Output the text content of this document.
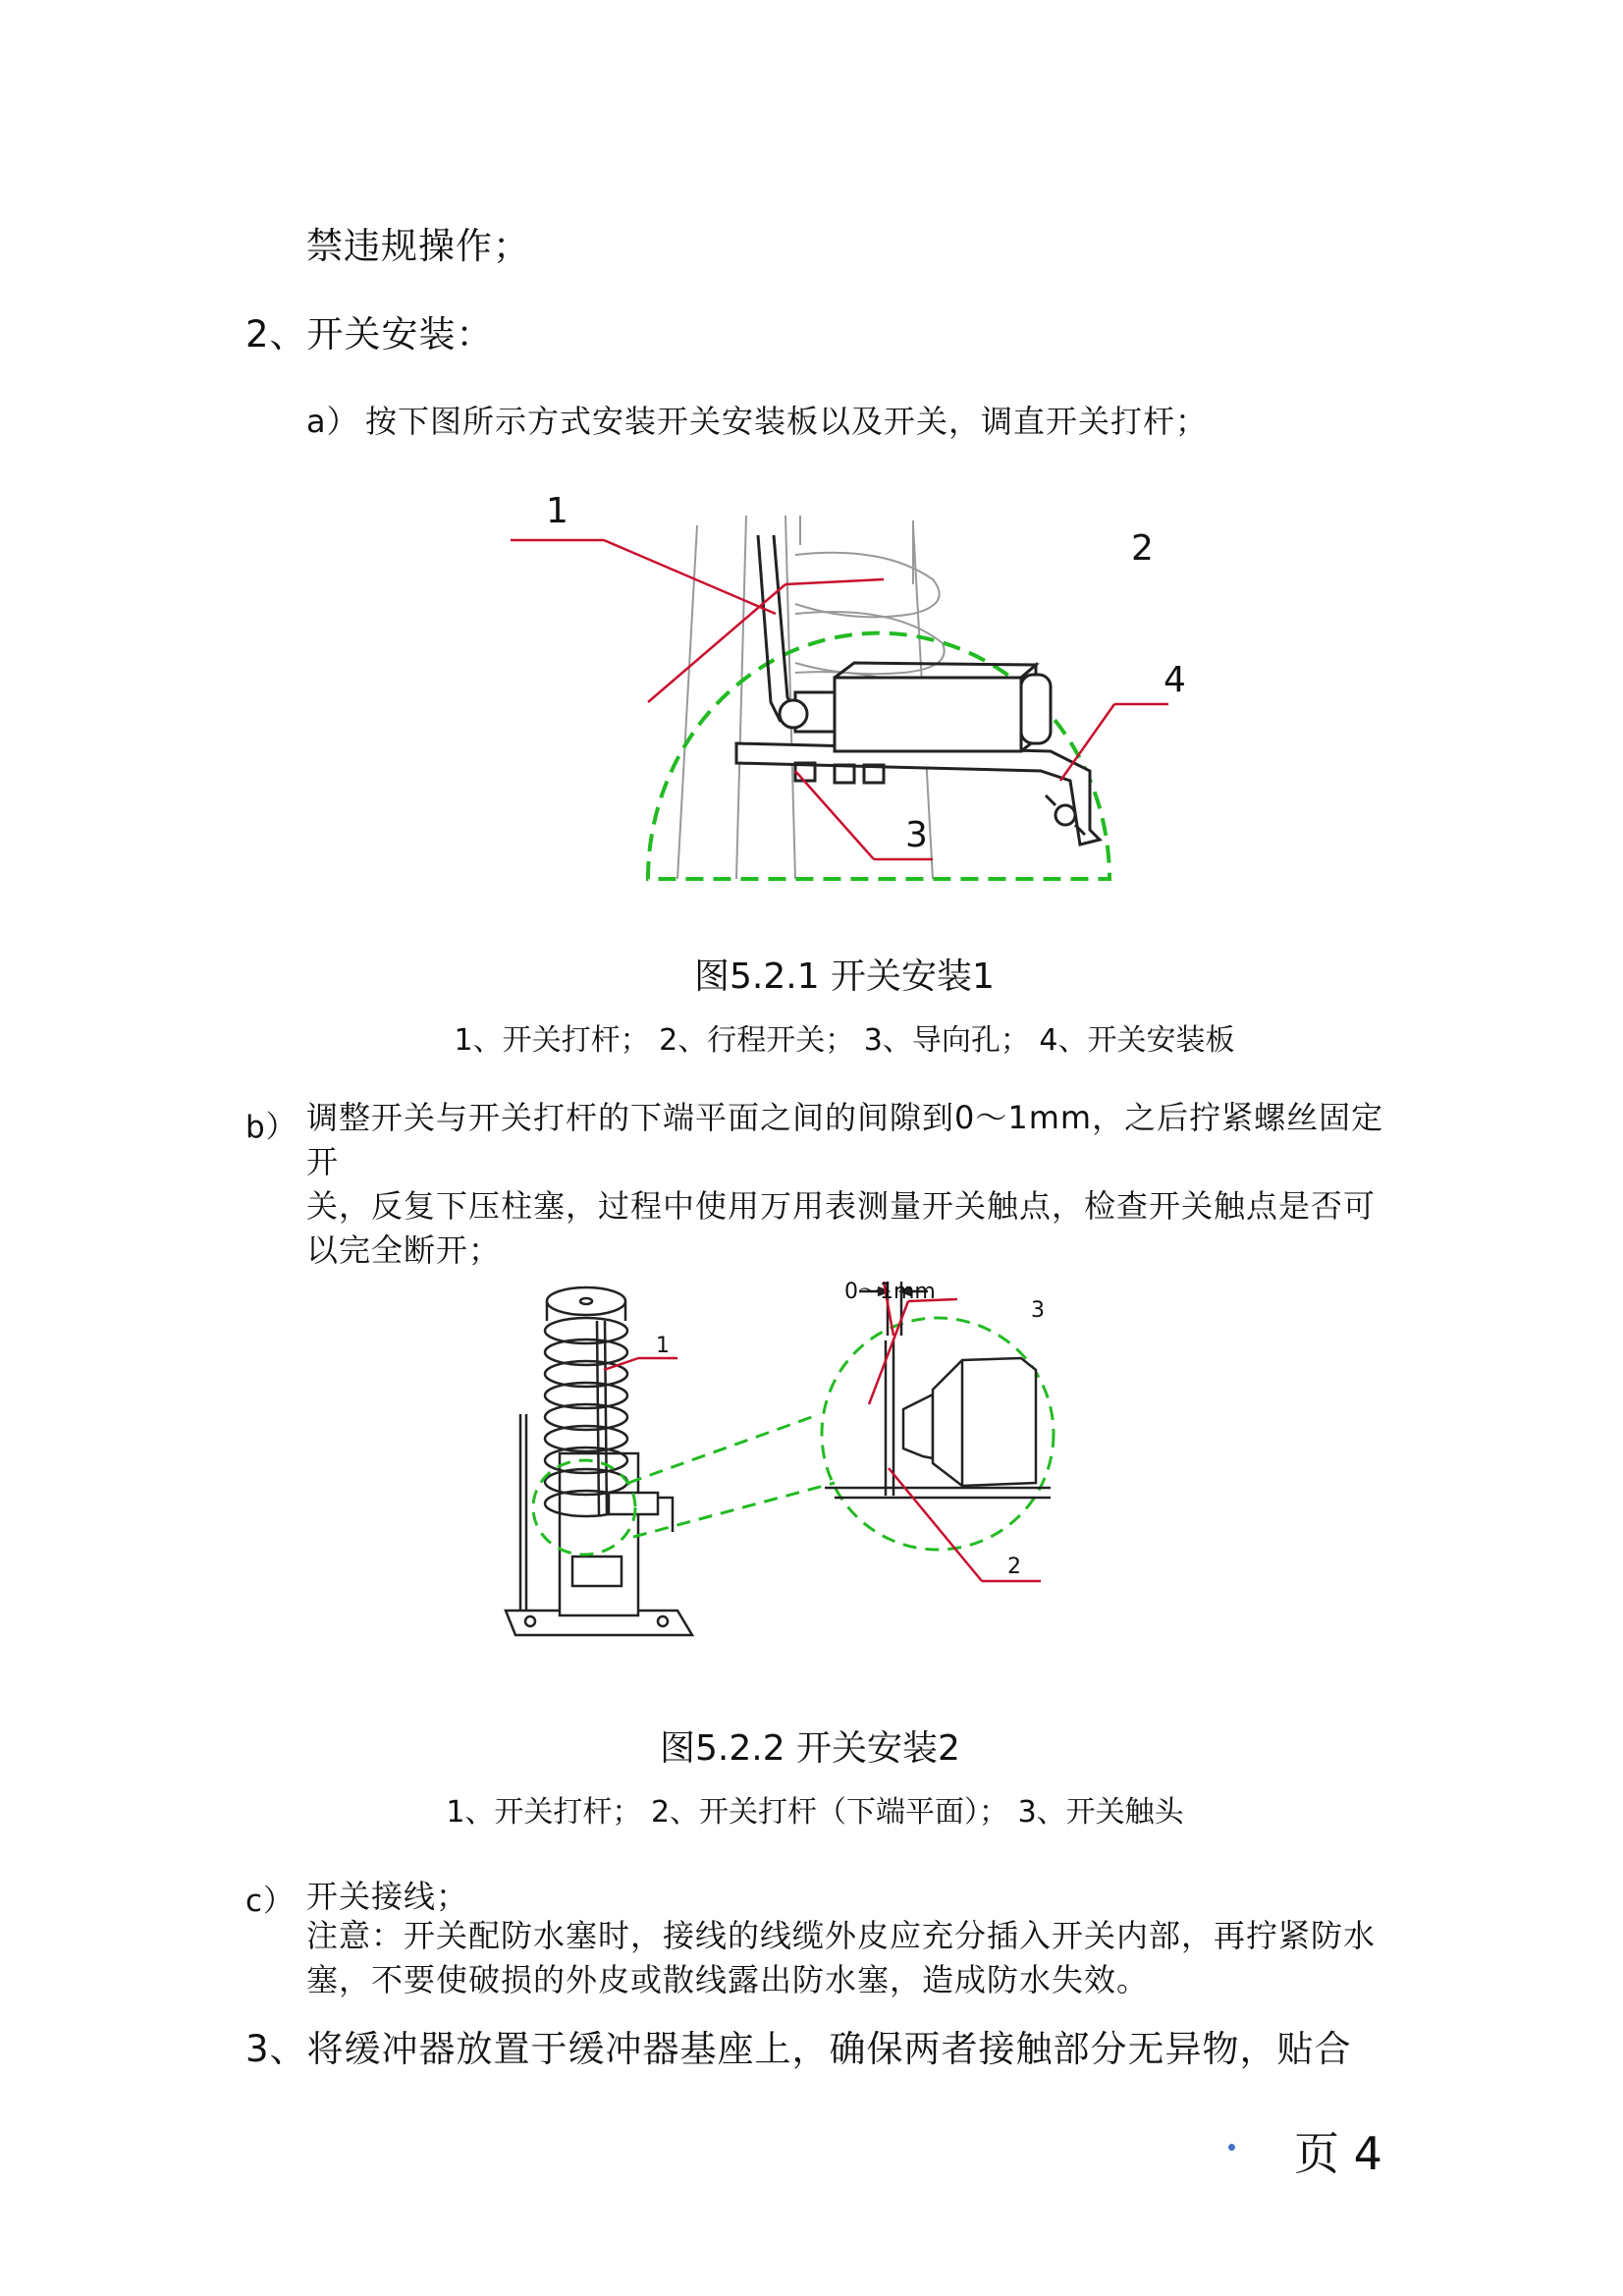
禁违规操作；
2、开关安装：
a） 按下图所示方式安装开关安装板以及开关，调直开关打杆；
1
2
3
4
图5.2.1 开关安装1
1、开关打杆； 2、行程开关； 3、导向孔； 4、开关安装板
b） 调整开关与开关打杆的下端平面之间的间隙到0～1mm，之后拧紧螺丝固定开
关，反复下压柱塞，过程中使用万用表测量开关触点，检查开关触点是否可
以完全断开；
0～1mm
1
2
3
图5.2.2 开关安装2
1、开关打杆； 2、开关打杆（下端平面）； 3、开关触头
c） 开关接线；
注意：开关配防水塞时，接线的线缆外皮应充分插入开关内部，再拧紧防水
塞，不要使破损的外皮或散线露出防水塞，造成防水失效。
3、将缓冲器放置于缓冲器基座上，确保两者接触部分无异物，贴合
页 4
